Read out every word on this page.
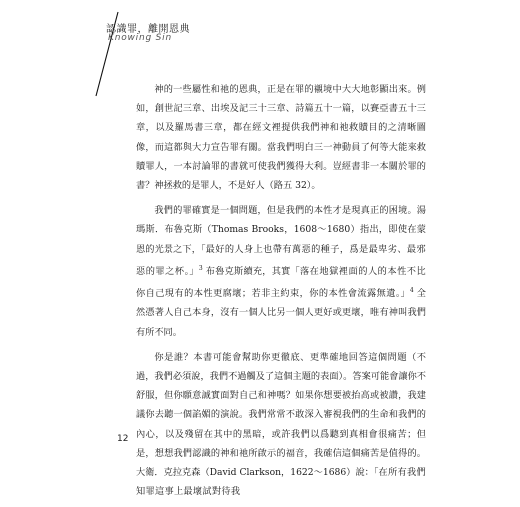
認識罪，離開恩典
Knowing Sin

神的一些屬性和祂的恩典，正是在罪的襯境中大大地彰顯出來。例如，創世記三章、出埃及記三十三章、詩篇五十一篇，以賽亞書五十三章，以及羅馬書三章，都在經文裡提供我們神和祂救贖目的之清晰圖像，而這都與大力宣告罪有關。當我們明白三一神動員了何等大能來救贖罪人，一本討論罪的書就可使我們獲得大利。豈經書非一本關於罪的書？神拯救的是罪人，不是好人（路五 32）。

我們的罪確實是一個問題，但是我們的本性才是現真正的困境。湯瑪斯．布魯克斯（Thomas Brooks，1608～1680）指出，即使在蒙恩的光景之下，「最好的人身上也帶有萬惡的種子，爲是最卑劣、最邪惡的罪之杯。」$^3$ 布魯克斯續充，其實「落在地獄裡面的人的本性不比你自己現有的本性更腐壞；若非主約束，你的本性會流露無遺。」$^4$ 全然憑著人自己本身，沒有一個人比另一個人更好或更壞，唯有神叫我們有所不同。

你是誰？本書可能會幫助你更徹底、更準確地回答這個問題（不過，我們必須說，我們不過觸及了這個主題的表面）。答案可能會讓你不舒服，但你願意誠實面對自己和神嗎？如果你想要被抬高或被讚，我建議你去聽一個諂媚的演說。我們常常不敢深入審視我們的生命和我們的內心，以及殘留在其中的黑暗，或許我們以爲聽到真相會很痛苦；但是，想想我們認識的神和祂所啟示的福音，我確信這個痛苦是值得的。大衛．克拉克森（David Clarkson，1622～1686）說：「在所有我們知罪這事上最壞試對待我

12
